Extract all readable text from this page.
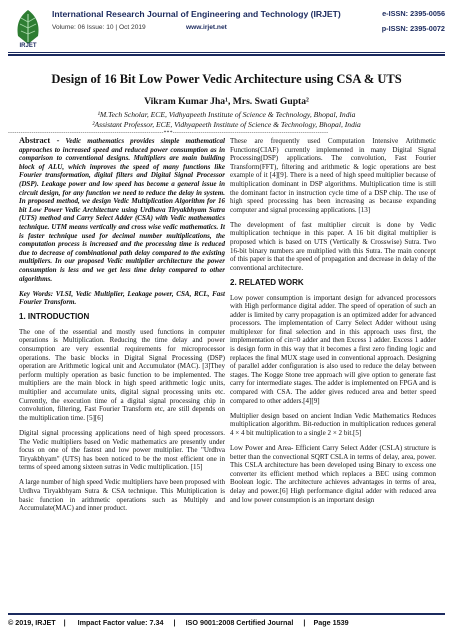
IRJET
International Research Journal of Engineering and Technology (IRJET)
Volume: 06 Issue: 10 | Oct 2019	www.irjet.net
e-ISSN: 2395-0056
p-ISSN: 2395-0072
Design of 16 Bit Low Power Vedic Architecture using CSA & UTS
Vikram Kumar Jha¹, Mrs. Swati Gupta²
¹M.Tech Scholar, ECE, Vidhyapeeth Institute of Science & Technology, Bhopal, India
²Assistant Professor, ECE, Vidhyapeeth Institute of Science & Technology, Bhopal, India
-------------------------------------------------------------------------***-------------------------------------------------------------------------

Abstract - Vedic mathematics provides simple mathematical approaches to increased speed and reduced power consumption as in comparison to conventional designs. Multipliers are main building block of ALU, which improves the speed of many functions like Fourier transformation, digital filters and Digital Signal Processor (DSP). Leakage power and low speed has become a general issue in circuit design, for any function we need to reduce the delay in system. In proposed method, we design Vedic Multiplication Algorithm for 16 bit Low Power Vedic Architecture using Urdhava Tiryakbhyam Sutra (UTS) method and Carry Select Adder (CSA) with Vedic mathematics technique. UTM means vertically and cross wise vedic mathematics. It is faster technique used for decimal number multiplications, the computation process is increased and the processing time is reduced due to decrease of combinational path delay compared to the existing multipliers. In our proposed Vedic multiplier architecture the power consumption is less and we get less time delay compared to other algorithms.

Key Words: VLSI, Vedic Multiplier, Leakage power, CSA, RCL, Fast Fourier Transform.

1. INTRODUCTION

The one of the essential and mostly used functions in computer operations is Multiplication. Reducing the time delay and power consumption are very essential requirements for microprocessor operations. The basic blocks in Digital Signal Processing (DSP) operation are Arithmetic logical unit and Accumulator (MAC). [3]They perform multiply operation as basic function to be implemented. The multipliers are the main block in high speed arithmetic logic units, multiplier and accumulate units, digital signal processing units etc. Currently, the execution time of a digital signal processing chip in convolution, filtering, Fast Fourier Transform etc, are still depends on the multiplication time. [5][6]

Digital signal processing applications need of high speed processors. The Vedic multipliers based on Vedic mathematics are presently under focus on one of the fastest and low power multiplier. The "Urdhva Tiryakbhyam" (UTS) has been noticed to be the most efficient one in terms of speed among sixteen sutras in Vedic multiplication. [15]

A large number of high speed Vedic multipliers have been proposed with Urdhva Tiryakbhyam Sutra & CSA technique. This Multiplication is basic function in arithmetic operations such as Multiply and Accumulate(MAC) and inner product.

These are frequently used Computation Intensive Arithmetic Functions(CIAF) currently implemented in many Digital Signal Processing(DSP) applications. The convolution, Fast Fourier Transform(FFT), filtering and arithmetic & logic operations are best example of it [4][9]. There is a need of high speed multiplier because of multiplication dominant in DSP algorithms. Multiplication time is still the dominant factor in instruction cycle time of a DSP chip. The use of high speed processing has been increasing as because expanding computer and signal processing applications. [13]

The development of fast multiplier circuit is done by Vedic multiplication technique in this paper. A 16 bit digital multiplier is proposed which is based on UTS (Vertically & Crosswise) Sutra. Two 16-bit binary numbers are multiplied with this Sutra. The main concept of this paper is that the speed of propagation and decrease in delay of the conventional architecture.

2. RELATED WORK

Low power consumption is important design for advanced processors with High performance digital adder. The speed of operation of such an adder is limited by carry propagation is an optimized adder for advanced processors. The implementation of Carry Select Adder without using multiplexer for final selection and in this approach uses first, the implementation of cin=0 adder and then Excess 1 adder. Excess 1 adder is design form in this way that it becomes a first zero finding logic and replaces the final MUX stage used in conventional approach. Designing of parallel adder configuration is also used to reduce the delay between stages. The Kogge Stone tree approach will give option to generate fast carry for intermediate stages. The adder is implemented on FPGA and is compared with CSA. The adder gives reduced area and better speed compared to other adders.[4][9]

Multiplier design based on ancient Indian Vedic Mathematics Reduces multiplication algorithm. Bit-reduction in multiplication reduces general 4 × 4 bit multiplication to a single 2 × 2 bit.[5]

Low Power and Area- Efficient Carry Select Adder (CSLA) structure is better than the convectional SQRT CSLA in terms of delay, area, power. This CSLA architecture has been developed using Binary to excess one converter its efficient method which replaces a BEC using common Boolean logic. The architecture achieves advantages in terms of area, delay and power.[6] High performance digital adder with reduced area and low power consumption is an important design

© 2019, IRJET | Impact Factor value: 7.34 | ISO 9001:2008 Certified Journal | Page 1539
